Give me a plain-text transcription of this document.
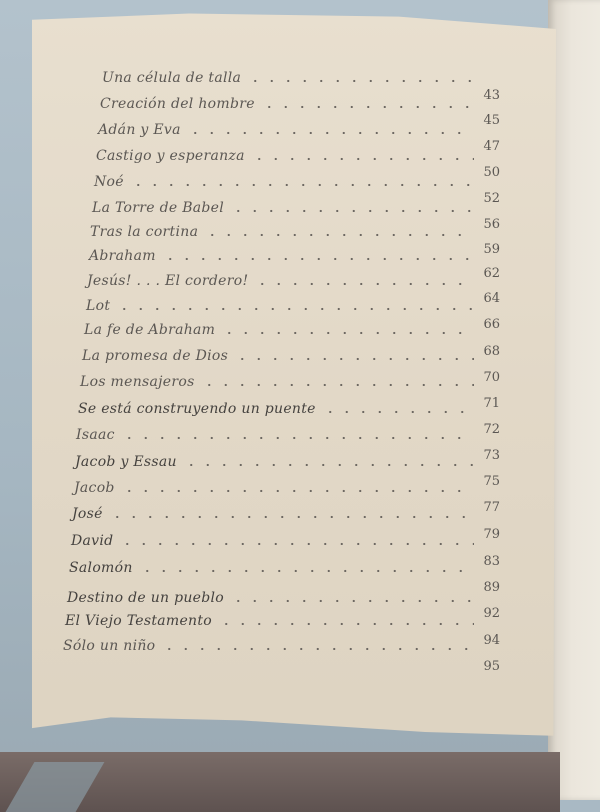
Una célula de talla
43
Creación del hombre
45
Adán y Eva
47
Castigo y esperanza
50
Noé
52
La Torre de Babel
56
Tras la cortina
59
Abraham
62
Jesús! . . . El cordero!
64
Lot
66
La fe de Abraham
68
La promesa de Dios
70
Los mensajeros
71
Se está construyendo un puente
72
Isaac
73
Jacob y Essau
75
Jacob
77
José
79
David
83
Salomón
89
Destino de un pueblo
92
El Viejo Testamento
94
Sólo un niño
95
